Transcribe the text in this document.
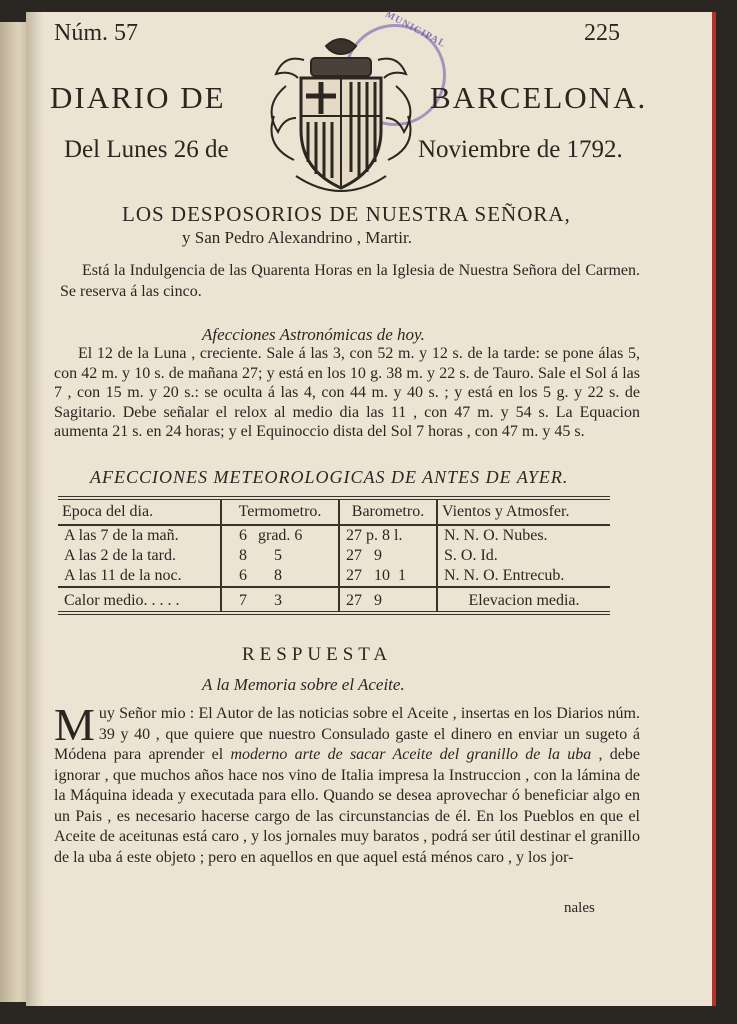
Núm. 57	225
MUNICIPAL
DIARIO DE	BARCELONA.
Del Lunes 26 de	Noviembre de 1792.
LOS DESPOSORIOS DE NUESTRA SEÑORA,
y San Pedro Alexandrino , Martir.
Está la Indulgencia de las Quarenta Horas en la Iglesia de Nuestra Señora del Carmen. Se reserva á las cinco.
Afecciones Astronómicas de hoy.
El 12 de la Luna , creciente. Sale á las 3, con 52 m. y 12 s. de la tarde: se pone álas 5, con 42 m. y 10 s. de mañana 27; y está en los 10 g. 38 m. y 22 s. de Tauro. Sale el Sol á las 7 , con 15 m. y 20 s.: se oculta á las 4, con 44 m. y 40 s. ; y está en los 5 g. y 22 s. de Sagitario. Debe señalar el relox al medio dia las 11 , con 47 m. y 54 s. La Equacion aumenta 21 s. en 24 horas; y el Equinoccio dista del Sol 7 horas , con 47 m. y 45 s.
AFECCIONES METEOROLOGICAS DE ANTES DE AYER.
Epoca del dia.	Termometro.	Barometro.	Vientos y Atmosfer.
A las 7 de la mañ.	6 grad. 6	27 p. 8 l.	N. N. O. Nubes.
A las 2 de la tard.	8 5	27 9	S. O. Id.
A las 11 de la noc.	6 8	27 10 1	N. N. O. Entrecub.
Calor medio. . . . .	7 3	27 9	Elevacion media.
RESPUESTA
A la Memoria sobre el Aceite.
Muy Señor mio : El Autor de las noticias sobre el Aceite , insertas en los Diarios núm. 39 y 40 , que quiere que nuestro Consulado gaste el dinero en enviar un sugeto á Módena para aprender el moderno arte de sacar Aceite del granillo de la uba , debe ignorar , que muchos años hace nos vino de Italia impresa la Instruccion , con la lámina de la Máquina ideada y executada para ello. Quando se desea aprovechar ó beneficiar algo en un Pais , es necesario hacerse cargo de las circunstancias de él. En los Pueblos en que el Aceite de aceitunas está caro , y los jornales muy baratos , podrá ser útil destinar el granillo de la uba á este objeto ; pero en aquellos en que aquel está ménos caro , y los jor-
nales
